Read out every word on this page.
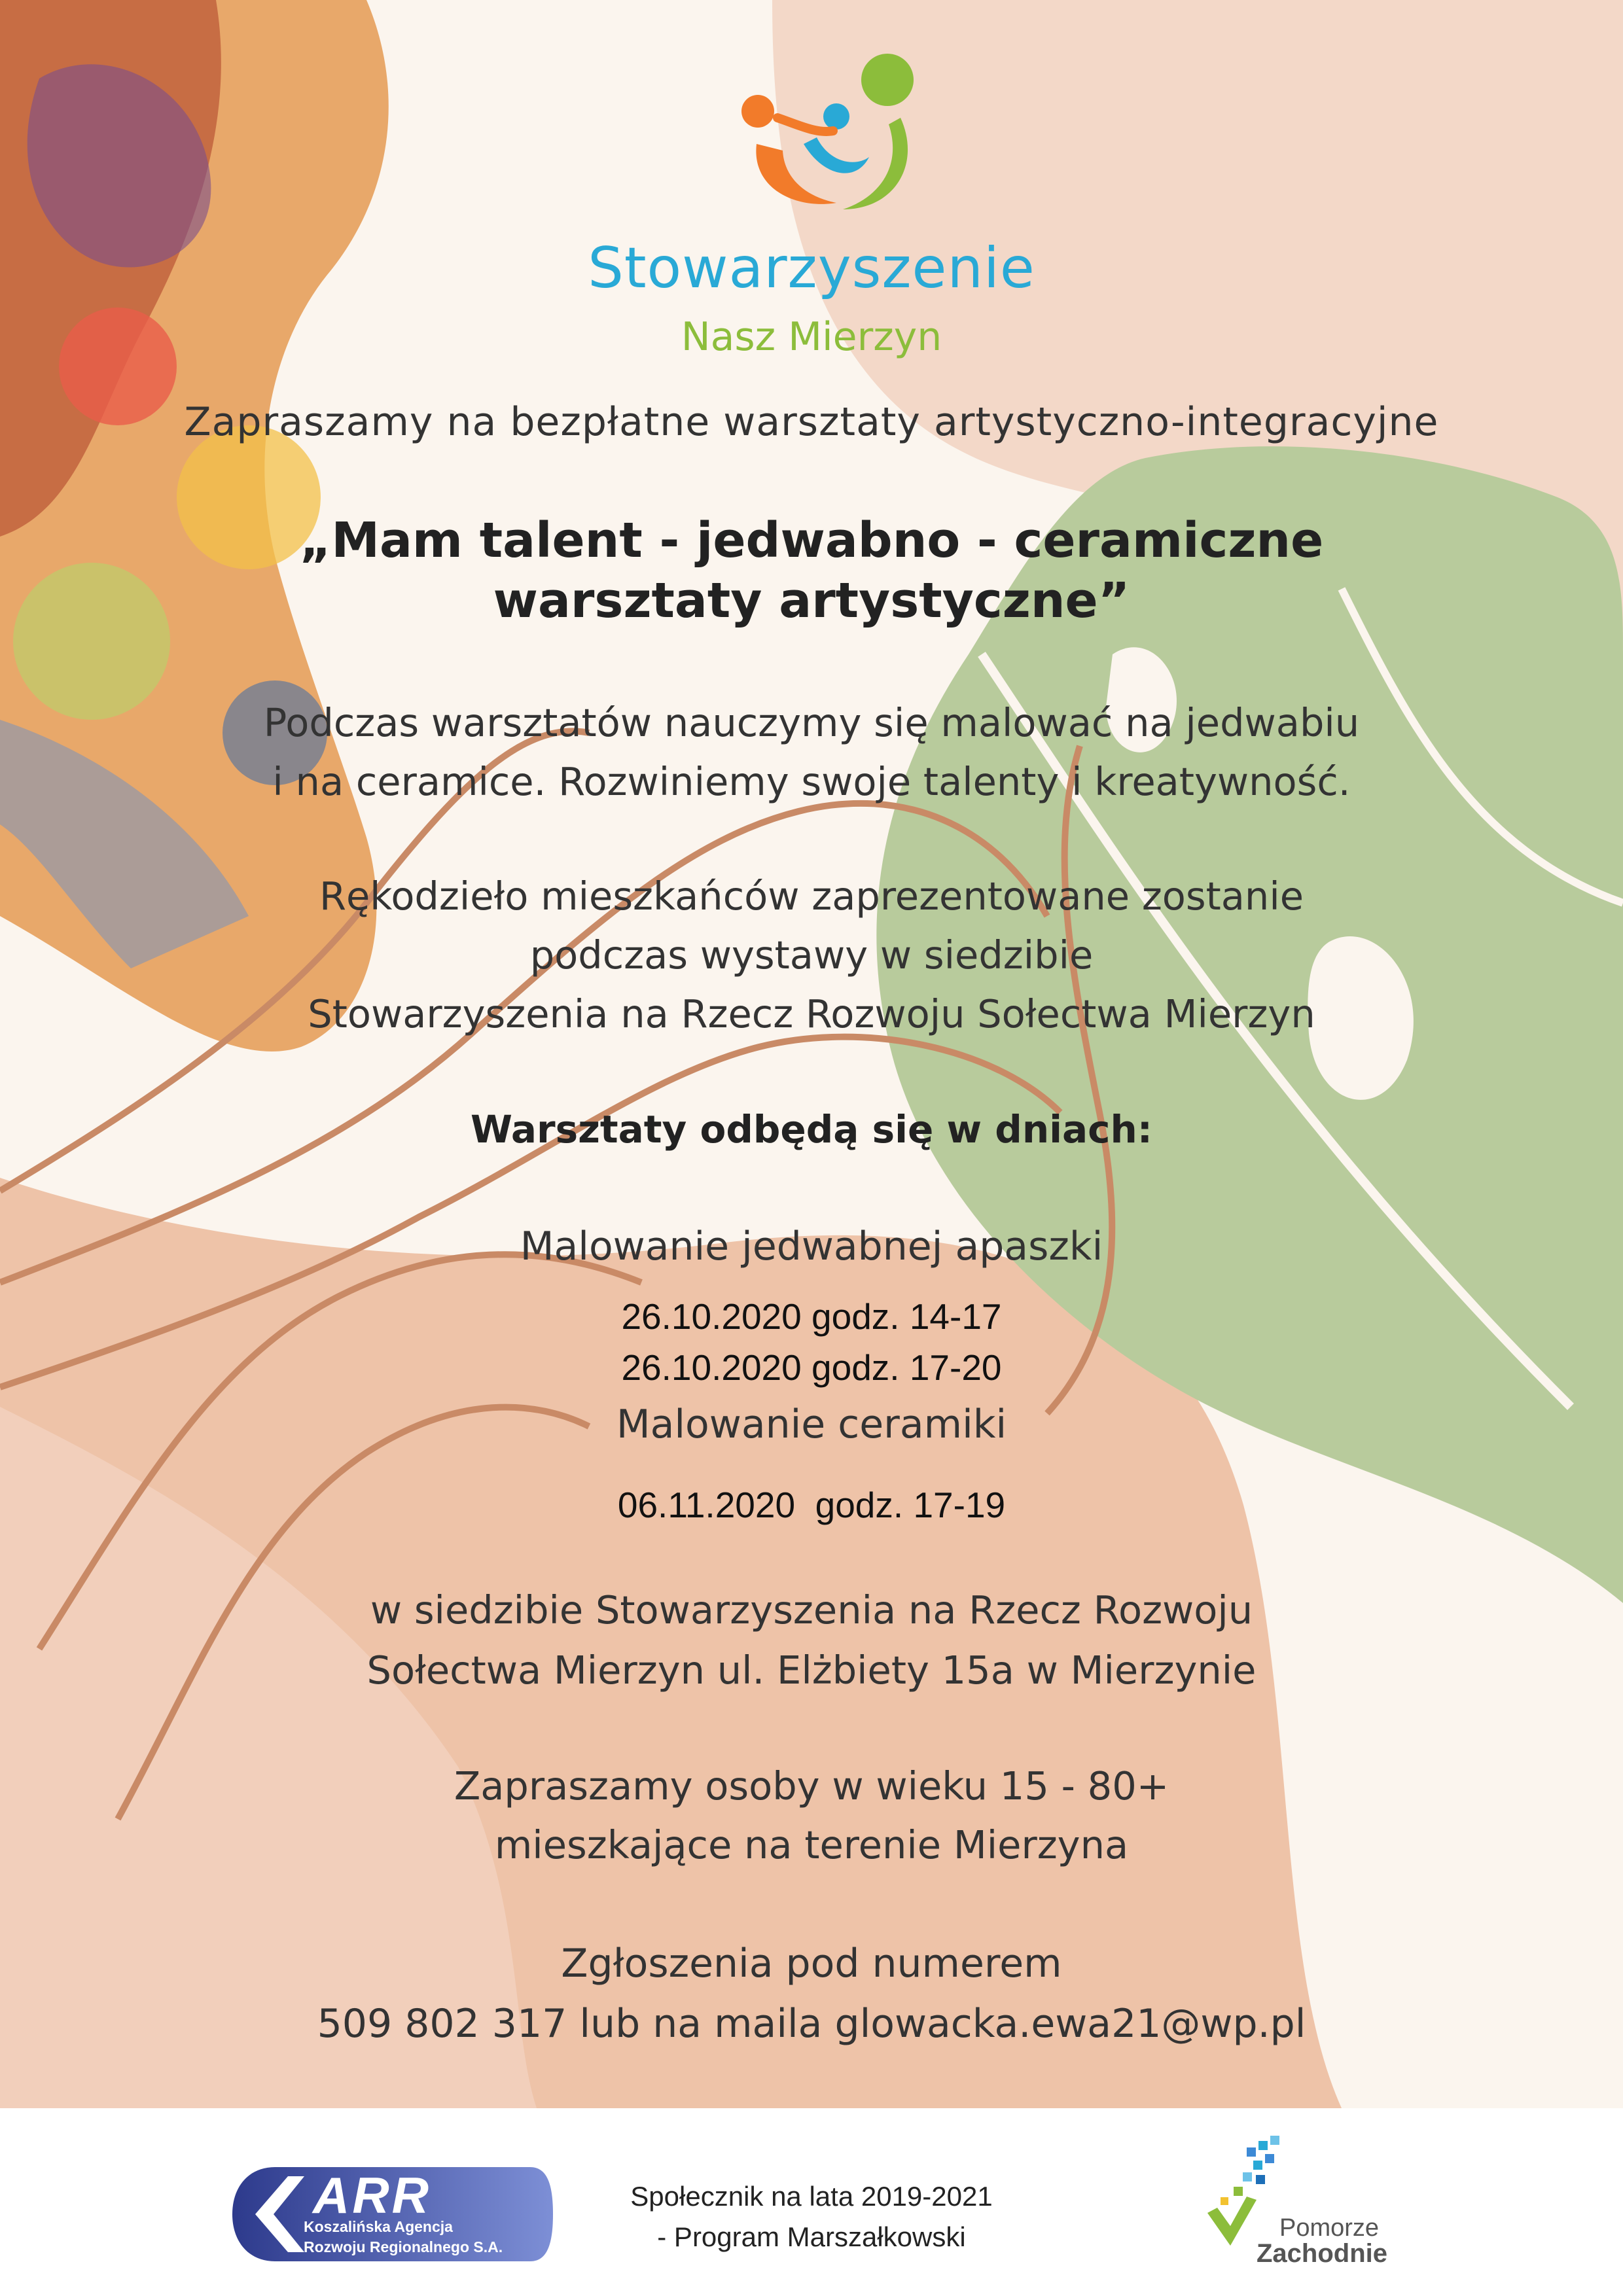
Stowarzyszenie
Nasz Mierzyn
Zapraszamy na bezpłatne warsztaty artystyczno-integracyjne
„Mam talent - jedwabno - ceramiczne
warsztaty artystyczne”
Podczas warsztatów nauczymy się malować na jedwabiu
i na ceramice. Rozwiniemy swoje talenty i kreatywność.
Rękodzieło mieszkańców zaprezentowane zostanie
podczas wystawy w siedzibie
Stowarzyszenia na Rzecz Rozwoju Sołectwa Mierzyn
Warsztaty odbędą się w dniach:
Malowanie jedwabnej apaszki
26.10.2020 godz. 14-17
26.10.2020 godz. 17-20
Malowanie ceramiki
06.11.2020  godz. 17-19
w siedzibie Stowarzyszenia na Rzecz Rozwoju
Sołectwa Mierzyn ul. Elżbiety 15a w Mierzynie
Zapraszamy osoby w wieku 15 - 80+
mieszkające na terenie Mierzyna
Zgłoszenia pod numerem
509 802 317 lub na maila glowacka.ewa21@wp.pl
ARR
Koszalińska Agencja
Rozwoju Regionalnego S.A.
Społecznik na lata 2019-2021
- Program Marszałkowski	Pomorze
Zachodnie
